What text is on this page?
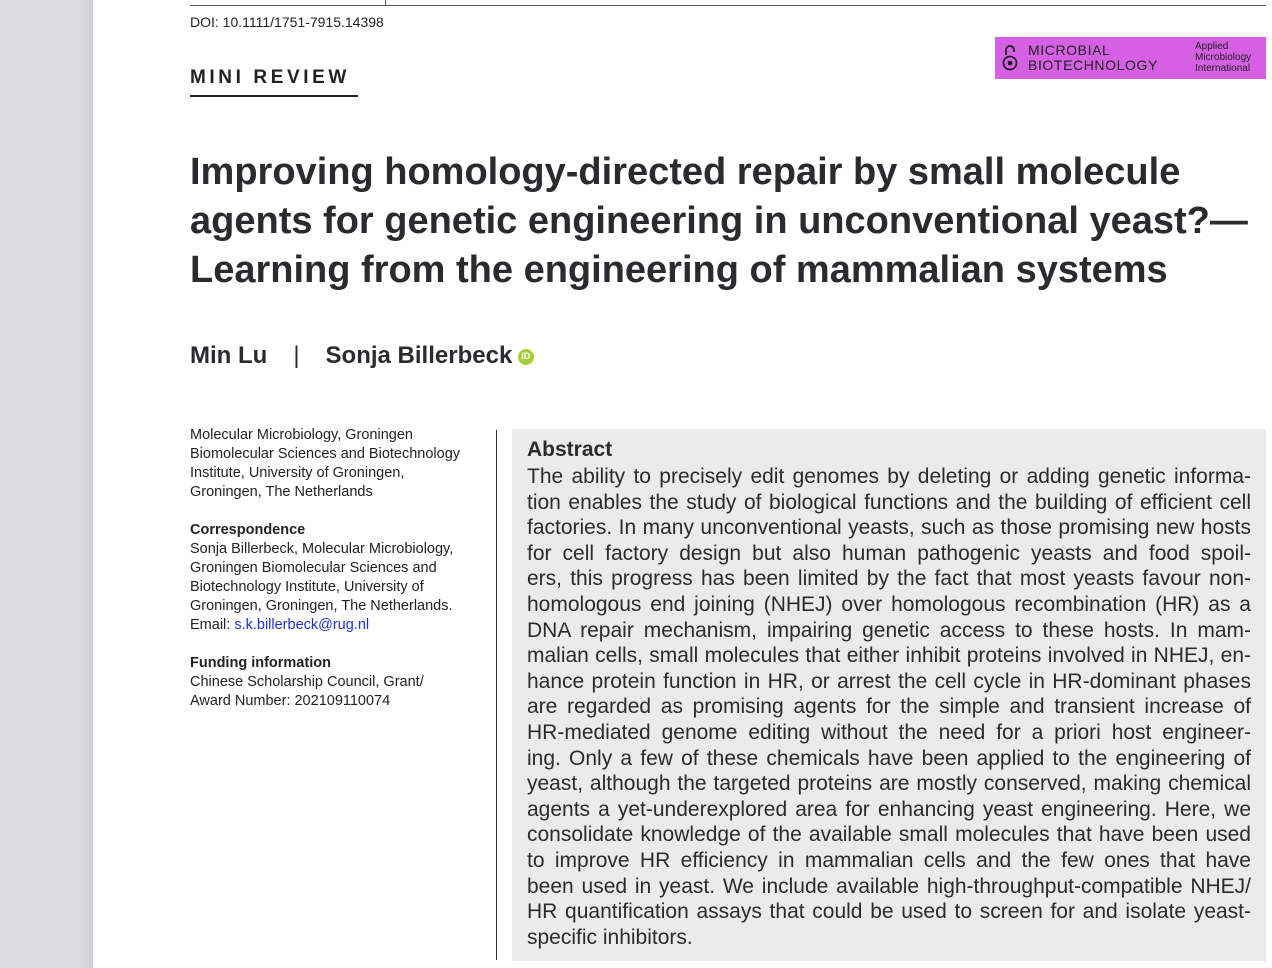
DOI: 10.1111/1751-7915.14398
MINI REVIEW
MICROBIAL
BIOTECHNOLOGY
Applied
Microbiology
International
Improving homology-directed repair by small molecule
agents for genetic engineering in unconventional yeast?—
Learning from the engineering of mammalian systems
Min Lu | Sonja Billerbeck
iD

Molecular Microbiology, Groningen

Biomolecular Sciences and Biotechnology

Institute, University of Groningen,

Groningen, The Netherlands

Correspondence

Sonja Billerbeck, Molecular Microbiology,

Groningen Biomolecular Sciences and

Biotechnology Institute, University of

Groningen, Groningen, The Netherlands.

Email: s.k.billerbeck@rug.nl

Funding information

Chinese Scholarship Council, Grant/

Award Number: 202109110074

Abstract
The ability to precisely edit genomes by deleting or adding genetic informa-
tion enables the study of biological functions and the building of efficient cell
factories. In many unconventional yeasts, such as those promising new hosts
for cell factory design but also human pathogenic yeasts and food spoil-
ers, this progress has been limited by the fact that most yeasts favour non-
homologous end joining (NHEJ) over homologous recombination (HR) as a
DNA repair mechanism, impairing genetic access to these hosts. In mam-
malian cells, small molecules that either inhibit proteins involved in NHEJ, en-
hance protein function in HR, or arrest the cell cycle in HR-dominant phases
are regarded as promising agents for the simple and transient increase of
HR-mediated genome editing without the need for a priori host engineer-
ing. Only a few of these chemicals have been applied to the engineering of
yeast, although the targeted proteins are mostly conserved, making chemical
agents a yet-underexplored area for enhancing yeast engineering. Here, we
consolidate knowledge of the available small molecules that have been used
to improve HR efficiency in mammalian cells and the few ones that have
been used in yeast. We include available high-throughput-compatible NHEJ/
HR quantification assays that could be used to screen for and isolate yeast-
specific inhibitors.
